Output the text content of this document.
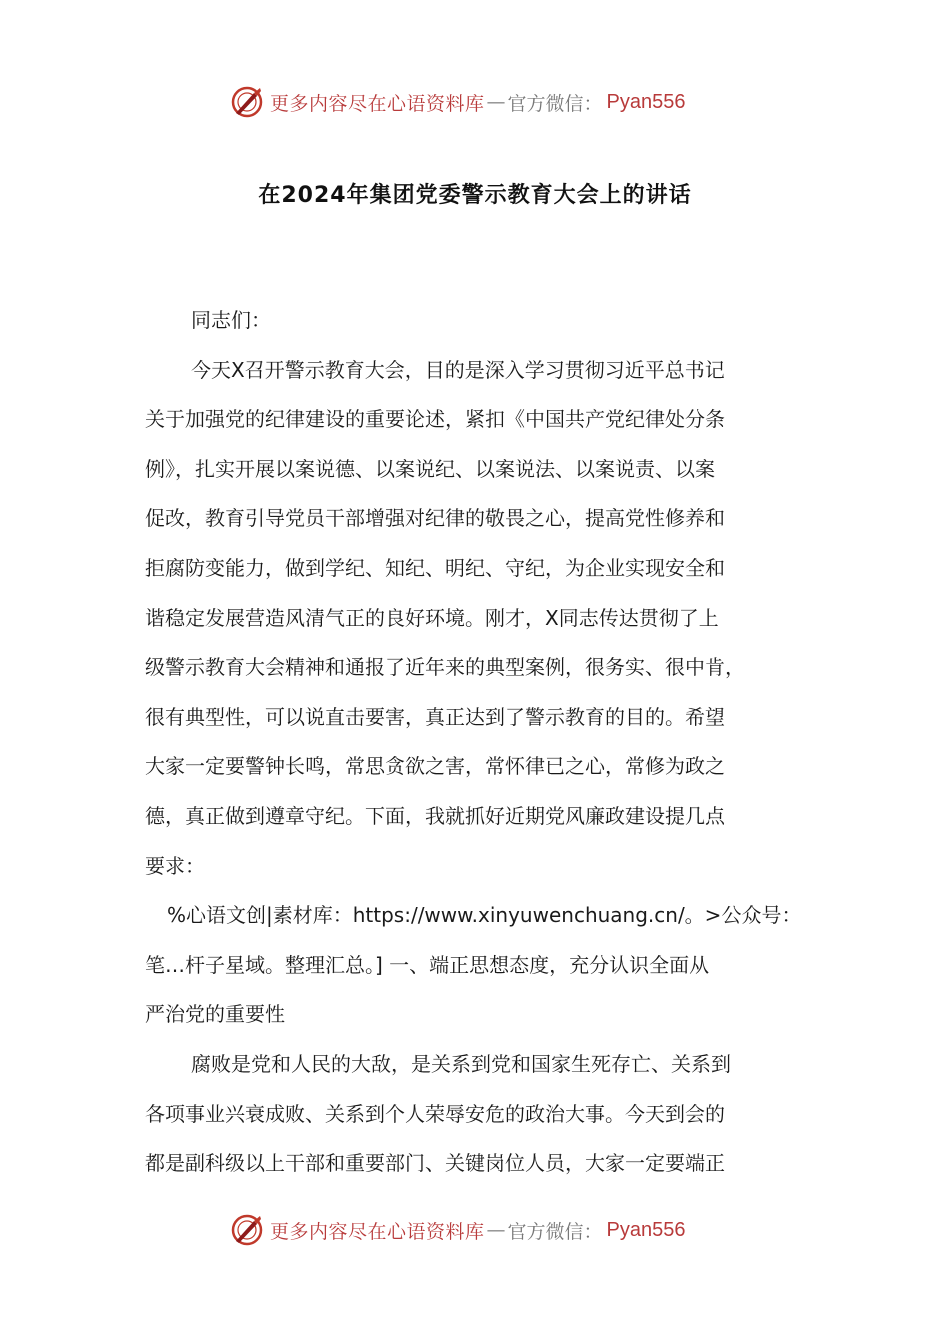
更多内容尽在心语资料库 — 官方微信： Pyan556
在2024年集团党委警示教育大会上的讲话
同志们：
今天X召开警示教育大会，目的是深入学习贯彻习近平总书记
关于加强党的纪律建设的重要论述，紧扣《中国共产党纪律处分条
例》，扎实开展以案说德、以案说纪、以案说法、以案说责、以案
促改，教育引导党员干部增强对纪律的敬畏之心，提高党性修养和
拒腐防变能力，做到学纪、知纪、明纪、守纪，为企业实现安全和
谐稳定发展营造风清气正的良好环境。刚才，X同志传达贯彻了上
级警示教育大会精神和通报了近年来的典型案例，很务实、很中肯，
很有典型性，可以说直击要害，真正达到了警示教育的目的。希望
大家一定要警钟长鸣，常思贪欲之害，常怀律已之心，常修为政之
德，真正做到遵章守纪。下面，我就抓好近期党风廉政建设提几点
要求：
%心语文创|素材库：https://www.xinyuwenchuang.cn/。>公众号：
笔…杆子星域。整理汇总。] 一、端正思想态度，充分认识全面从
严治党的重要性
腐败是党和人民的大敌，是关系到党和国家生死存亡、关系到
各项事业兴衰成败、关系到个人荣辱安危的政治大事。今天到会的
都是副科级以上干部和重要部门、关键岗位人员，大家一定要端正
更多内容尽在心语资料库 — 官方微信： Pyan556
